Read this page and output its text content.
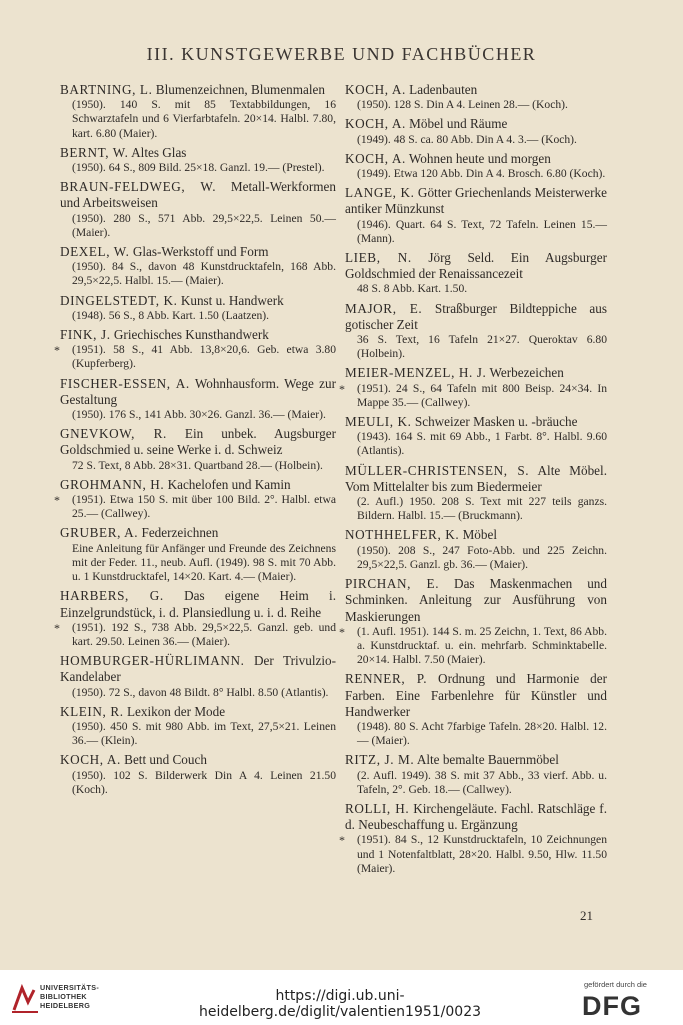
III. KUNSTGEWERBE UND FACHBÜCHER
BARTNING, L. Blumenzeichnen, Blumenmalen
(1950). 140 S. mit 85 Textabbildungen, 16 Schwarztafeln und 6 Vierfarbtafeln. 20×14. Halbl. 7.80, kart. 6.80 (Maier).
BERNT, W. Altes Glas
(1950). 64 S., 809 Bild. 25×18. Ganzl. 19.— (Prestel).
BRAUN-FELDWEG, W. Metall-Werkformen und Arbeitsweisen
(1950). 280 S., 571 Abb. 29,5×22,5. Leinen 50.— (Maier).
DEXEL, W. Glas-Werkstoff und Form
(1950). 84 S., davon 48 Kunstdrucktafeln, 168 Abb. 29,5×22,5. Halbl. 15.— (Maier).
DINGELSTEDT, K. Kunst u. Handwerk
(1948). 56 S., 8 Abb. Kart. 1.50 (Laatzen).
FINK, J. Griechisches Kunsthandwerk
* (1951). 58 S., 41 Abb. 13,8×20,6. Geb. etwa 3.80 (Kupferberg).
FISCHER-ESSEN, A. Wohnhausform. Wege zur Gestaltung
(1950). 176 S., 141 Abb. 30×26. Ganzl. 36.— (Maier).
GNEVKOW, R. Ein unbek. Augsburger Goldschmied u. seine Werke i. d. Schweiz
72 S. Text, 8 Abb. 28×31. Quartband 28.— (Holbein).
GROHMANN, H. Kachelofen und Kamin
* (1951). Etwa 150 S. mit über 100 Bild. 2°. Halbl. etwa 25.— (Callwey).
GRUBER, A. Federzeichnen
Eine Anleitung für Anfänger und Freunde des Zeichnens mit der Feder. 11., neub. Aufl. (1949). 98 S. mit 70 Abb. u. 1 Kunstdrucktafel, 14×20. Kart. 4.— (Maier).
HARBERS, G. Das eigene Heim i. Einzelgrundstück, i. d. Plansiedlung u. i. d. Reihe
* (1951). 192 S., 738 Abb. 29,5×22,5. Ganzl. geb. und kart. 29.50. Leinen 36.— (Maier).
HOMBURGER-HÜRLIMANN. Der Trivulzio-Kandelaber
(1950). 72 S., davon 48 Bildt. 8° Halbl. 8.50 (Atlantis).
KLEIN, R. Lexikon der Mode
(1950). 450 S. mit 980 Abb. im Text, 27,5×21. Leinen 36.— (Klein).
KOCH, A. Bett und Couch
(1950). 102 S. Bilderwerk Din A 4. Leinen 21.50 (Koch).
KOCH, A. Ladenbauten
(1950). 128 S. Din A 4. Leinen 28.— (Koch).
KOCH, A. Möbel und Räume
(1949). 48 S. ca. 80 Abb. Din A 4. 3.— (Koch).
KOCH, A. Wohnen heute und morgen
(1949). Etwa 120 Abb. Din A 4. Brosch. 6.80 (Koch).
LANGE, K. Götter Griechenlands Meisterwerke antiker Münzkunst
(1946). Quart. 64 S. Text, 72 Tafeln. Leinen 15.— (Mann).
LIEB, N. Jörg Seld. Ein Augsburger Goldschmied der Renaissancezeit
48 S. 8 Abb. Kart. 1.50.
MAJOR, E. Straßburger Bildteppiche aus gotischer Zeit
36 S. Text, 16 Tafeln 21×27. Queroktav 6.80 (Holbein).
MEIER-MENZEL, H. J. Werbezeichen
* (1951). 24 S., 64 Tafeln mit 800 Beisp. 24×34. In Mappe 35.— (Callwey).
MEULI, K. Schweizer Masken u. -bräuche
(1943). 164 S. mit 69 Abb., 1 Farbt. 8°. Halbl. 9.60 (Atlantis).
MÜLLER-CHRISTENSEN, S. Alte Möbel. Vom Mittelalter bis zum Biedermeier
(2. Aufl.) 1950. 208 S. Text mit 227 teils ganzs. Bildern. Halbl. 15.— (Bruckmann).
NOTHHELFER, K. Möbel
(1950). 208 S., 247 Foto-Abb. und 225 Zeichn. 29,5×22,5. Ganzl. gb. 36.— (Maier).
PIRCHAN, E. Das Maskenmachen und Schminken. Anleitung zur Ausführung von Maskierungen
* (1. Aufl. 1951). 144 S. m. 25 Zeichn, 1. Text, 86 Abb. a. Kunstdrucktaf. u. ein. mehrfarb. Schminktabelle. 20×14. Halbl. 7.50 (Maier).
RENNER, P. Ordnung und Harmonie der Farben. Eine Farbenlehre für Künstler und Handwerker
(1948). 80 S. Acht 7farbige Tafeln. 28×20. Halbl. 12.— (Maier).
RITZ, J. M. Alte bemalte Bauernmöbel
(2. Aufl. 1949). 38 S. mit 37 Abb., 33 vierf. Abb. u. Tafeln, 2°. Geb. 18.— (Callwey).
ROLLI, H. Kirchengeläute. Fachl. Ratschläge f. d. Neubeschaffung u. Ergänzung
* (1951). 84 S., 12 Kunstdrucktafeln, 10 Zeichnungen und 1 Notenfaltblatt, 28×20. Halbl. 9.50, Hlw. 11.50 (Maier).
21
UNIVERSITÄTS-BIBLIOTHEK HEIDELBERG
https://digi.ub.uni-heidelberg.de/diglit/valentien1951/0023
gefördert durch die
DFG
